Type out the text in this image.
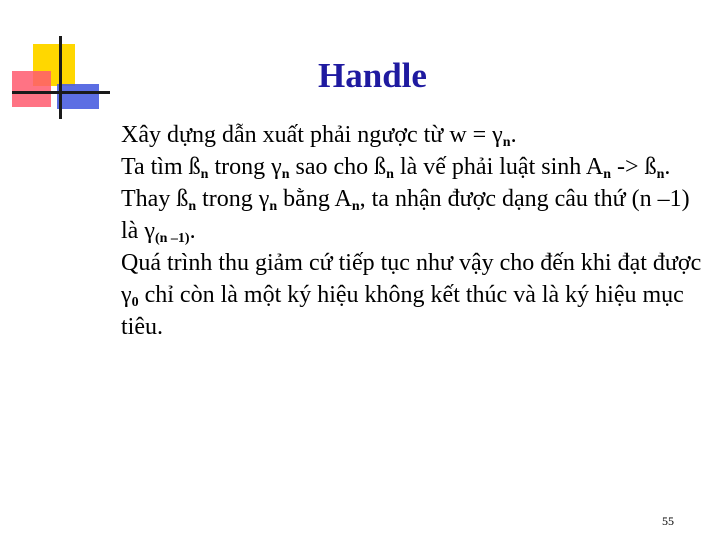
Handle

Xây dựng dẫn xuất phải ngược từ $w = \gamma_n$.

Ta tìm $ß_n$ trong $\gamma_n$ sao cho $ß_n$ là vế phải luật $\sinh A_n$ -> $ß_n$.

Thay $ß_n$ trong $\gamma_n$ bằng $A_n$, ta nhận được dạng câu thứ (n –1) là $\gamma_{(n -1)}$.

Quá trình thu giảm cứ tiếp tục như vậy cho đến khi đạt được $\gamma_0$ chỉ còn là một ký hiệu không kết thúc và là ký hiệu mục tiêu.

55
